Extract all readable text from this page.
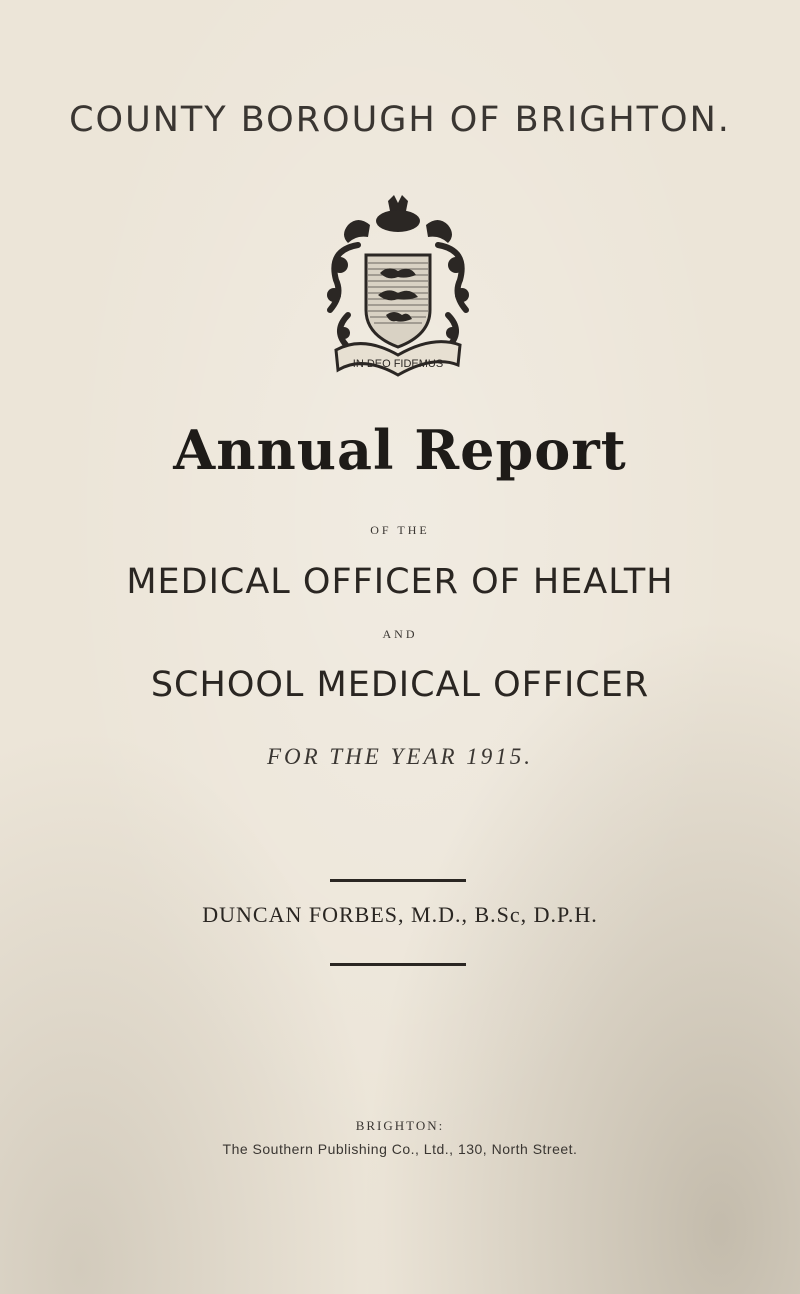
COUNTY BOROUGH OF BRIGHTON.
IN DEO FIDEMUS
Annual Report
OF THE
MEDICAL OFFICER OF HEALTH
AND
SCHOOL MEDICAL OFFICER
FOR THE YEAR 1915.
DUNCAN FORBES, M.D., B.Sc, D.P.H.
BRIGHTON:
The Southern Publishing Co., Ltd., 130, North Street.
